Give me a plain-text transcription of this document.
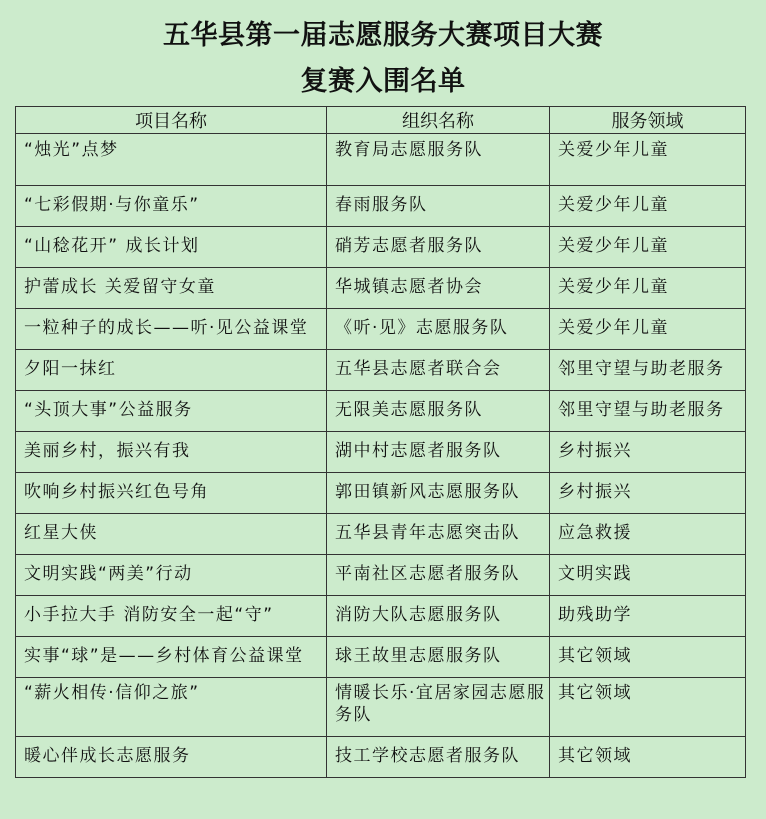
五华县第一届志愿服务大赛项目大赛
复赛入围名单
项目名称	组织名称	服务领域
“烛光”点梦	教育局志愿服务队	关爱少年儿童
“七彩假期·与你童乐”	春雨服务队	关爱少年儿童
“山稔花开” 成长计划	硝芳志愿者服务队	关爱少年儿童
护蕾成长 关爱留守女童	华城镇志愿者协会	关爱少年儿童
一粒种子的成长——听·见公益课堂	《听·见》志愿服务队	关爱少年儿童
夕阳一抹红	五华县志愿者联合会	邻里守望与助老服务
“头顶大事”公益服务	无限美志愿服务队	邻里守望与助老服务
美丽乡村，振兴有我	湖中村志愿者服务队	乡村振兴
吹响乡村振兴红色号角	郭田镇新风志愿服务队	乡村振兴
红星大侠	五华县青年志愿突击队	应急救援
文明实践“两美”行动	平南社区志愿者服务队	文明实践
小手拉大手 消防安全一起“守”	消防大队志愿服务队	助残助学
实事“球”是——乡村体育公益课堂	球王故里志愿服务队	其它领域
“薪火相传·信仰之旅”	情暖长乐·宜居家园志愿服务队	其它领域
暖心伴成长志愿服务	技工学校志愿者服务队	其它领域
